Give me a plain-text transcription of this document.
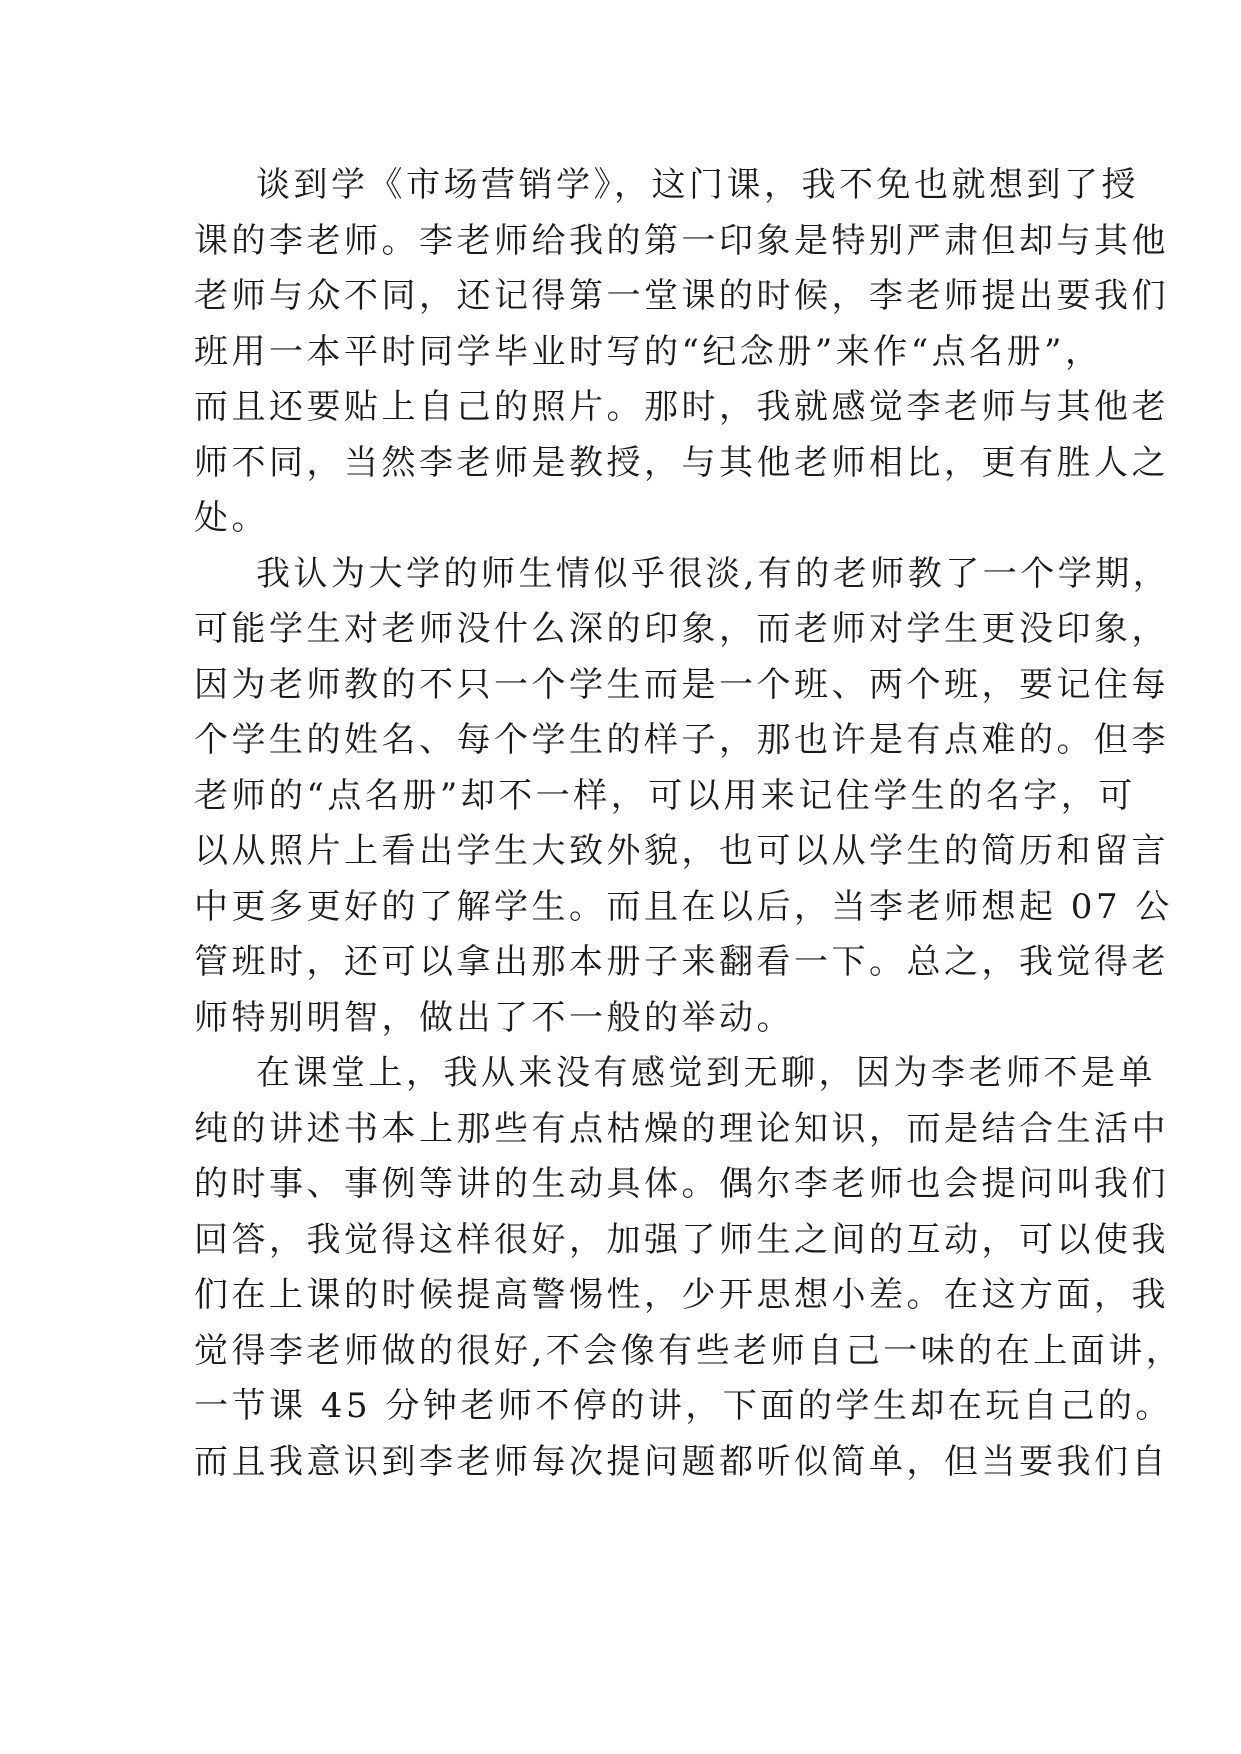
谈到学《市场营销学》，这门课，我不免也就想到了授
课的李老师。李老师给我的第一印象是特别严肃但却与其他
老师与众不同，还记得第一堂课的时候，李老师提出要我们
班用一本平时同学毕业时写的“纪念册”来作“点名册”，
而且还要贴上自己的照片。那时，我就感觉李老师与其他老
师不同，当然李老师是教授，与其他老师相比，更有胜人之
处。
我认为大学的师生情似乎很淡,有的老师教了一个学期，
可能学生对老师没什么深的印象，而老师对学生更没印象，
因为老师教的不只一个学生而是一个班、两个班，要记住每
个学生的姓名、每个学生的样子，那也许是有点难的。但李
老师的“点名册”却不一样，可以用来记住学生的名字，可
以从照片上看出学生大致外貌，也可以从学生的简历和留言
中更多更好的了解学生。而且在以后，当李老师想起 07 公
管班时，还可以拿出那本册子来翻看一下。总之，我觉得老
师特别明智，做出了不一般的举动。
在课堂上，我从来没有感觉到无聊，因为李老师不是单
纯的讲述书本上那些有点枯燥的理论知识，而是结合生活中
的时事、事例等讲的生动具体。偶尔李老师也会提问叫我们
回答，我觉得这样很好，加强了师生之间的互动，可以使我
们在上课的时候提高警惕性，少开思想小差。在这方面，我
觉得李老师做的很好,不会像有些老师自己一味的在上面讲，
一节课 45 分钟老师不停的讲，下面的学生却在玩自己的。
而且我意识到李老师每次提问题都听似简单，但当要我们自
